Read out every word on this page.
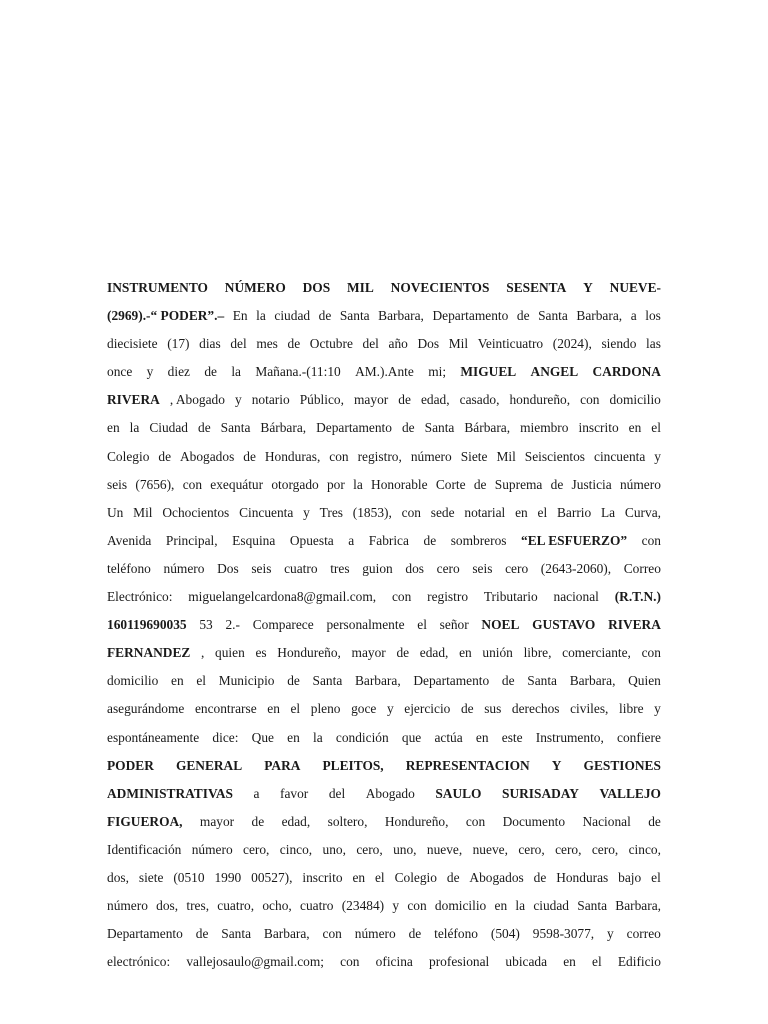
INSTRUMENTO NÚMERO DOS MIL NOVECIENTOS SESENTA Y NUEVE-
(2969).-“ PODER”.– En la ciudad de Santa Barbara, Departamento de Santa Barbara, a los
diecisiete (17) dias del mes de Octubre del año Dos Mil Veinticuatro (2024), siendo las
once y diez de la Mañana.-(11:10 AM.).Ante mi; MIGUEL ANGEL CARDONA
RIVERA , Abogado y notario Público, mayor de edad, casado, hondureño, con domicilio
en la Ciudad de Santa Bárbara, Departamento de Santa Bárbara, miembro inscrito en el
Colegio de Abogados de Honduras, con registro, número Siete Mil Seiscientos cincuenta y
seis (7656), con exequátur otorgado por la Honorable Corte de Suprema de Justicia número
Un Mil Ochocientos Cincuenta y Tres (1853), con sede notarial en el Barrio La Curva,
Avenida Principal, Esquina Opuesta a Fabrica de sombreros “EL ESFUERZO” con
teléfono número Dos seis cuatro tres guion dos cero seis cero (2643-2060), Correo
Electrónico: miguelangelcardona8@gmail.com, con registro Tributario nacional (R.T.N.)
160119690035 53 2.- Comparece personalmente el señor NOEL GUSTAVO RIVERA
FERNANDEZ , quien es Hondureño, mayor de edad, en unión libre, comerciante, con
domicilio en el Municipio de Santa Barbara, Departamento de Santa Barbara, Quien
asegurándome encontrarse en el pleno goce y ejercicio de sus derechos civiles, libre y
espontáneamente dice: Que en la condición que actúa en este Instrumento, confiere
PODER GENERAL PARA PLEITOS, REPRESENTACION Y GESTIONES
ADMINISTRATIVAS a favor del Abogado SAULO SURISADAY VALLEJO
FIGUEROA, mayor de edad, soltero, Hondureño, con Documento Nacional de
Identificación número cero, cinco, uno, cero, uno, nueve, nueve, cero, cero, cero, cinco,
dos, siete (0510 1990 00527), inscrito en el Colegio de Abogados de Honduras bajo el
número dos, tres, cuatro, ocho, cuatro (23484) y con domicilio en la ciudad Santa Barbara,
Departamento de Santa Barbara, con número de teléfono (504) 9598-3077, y correo
electrónico: vallejosaulo@gmail.com; con oficina profesional ubicada en el Edificio
